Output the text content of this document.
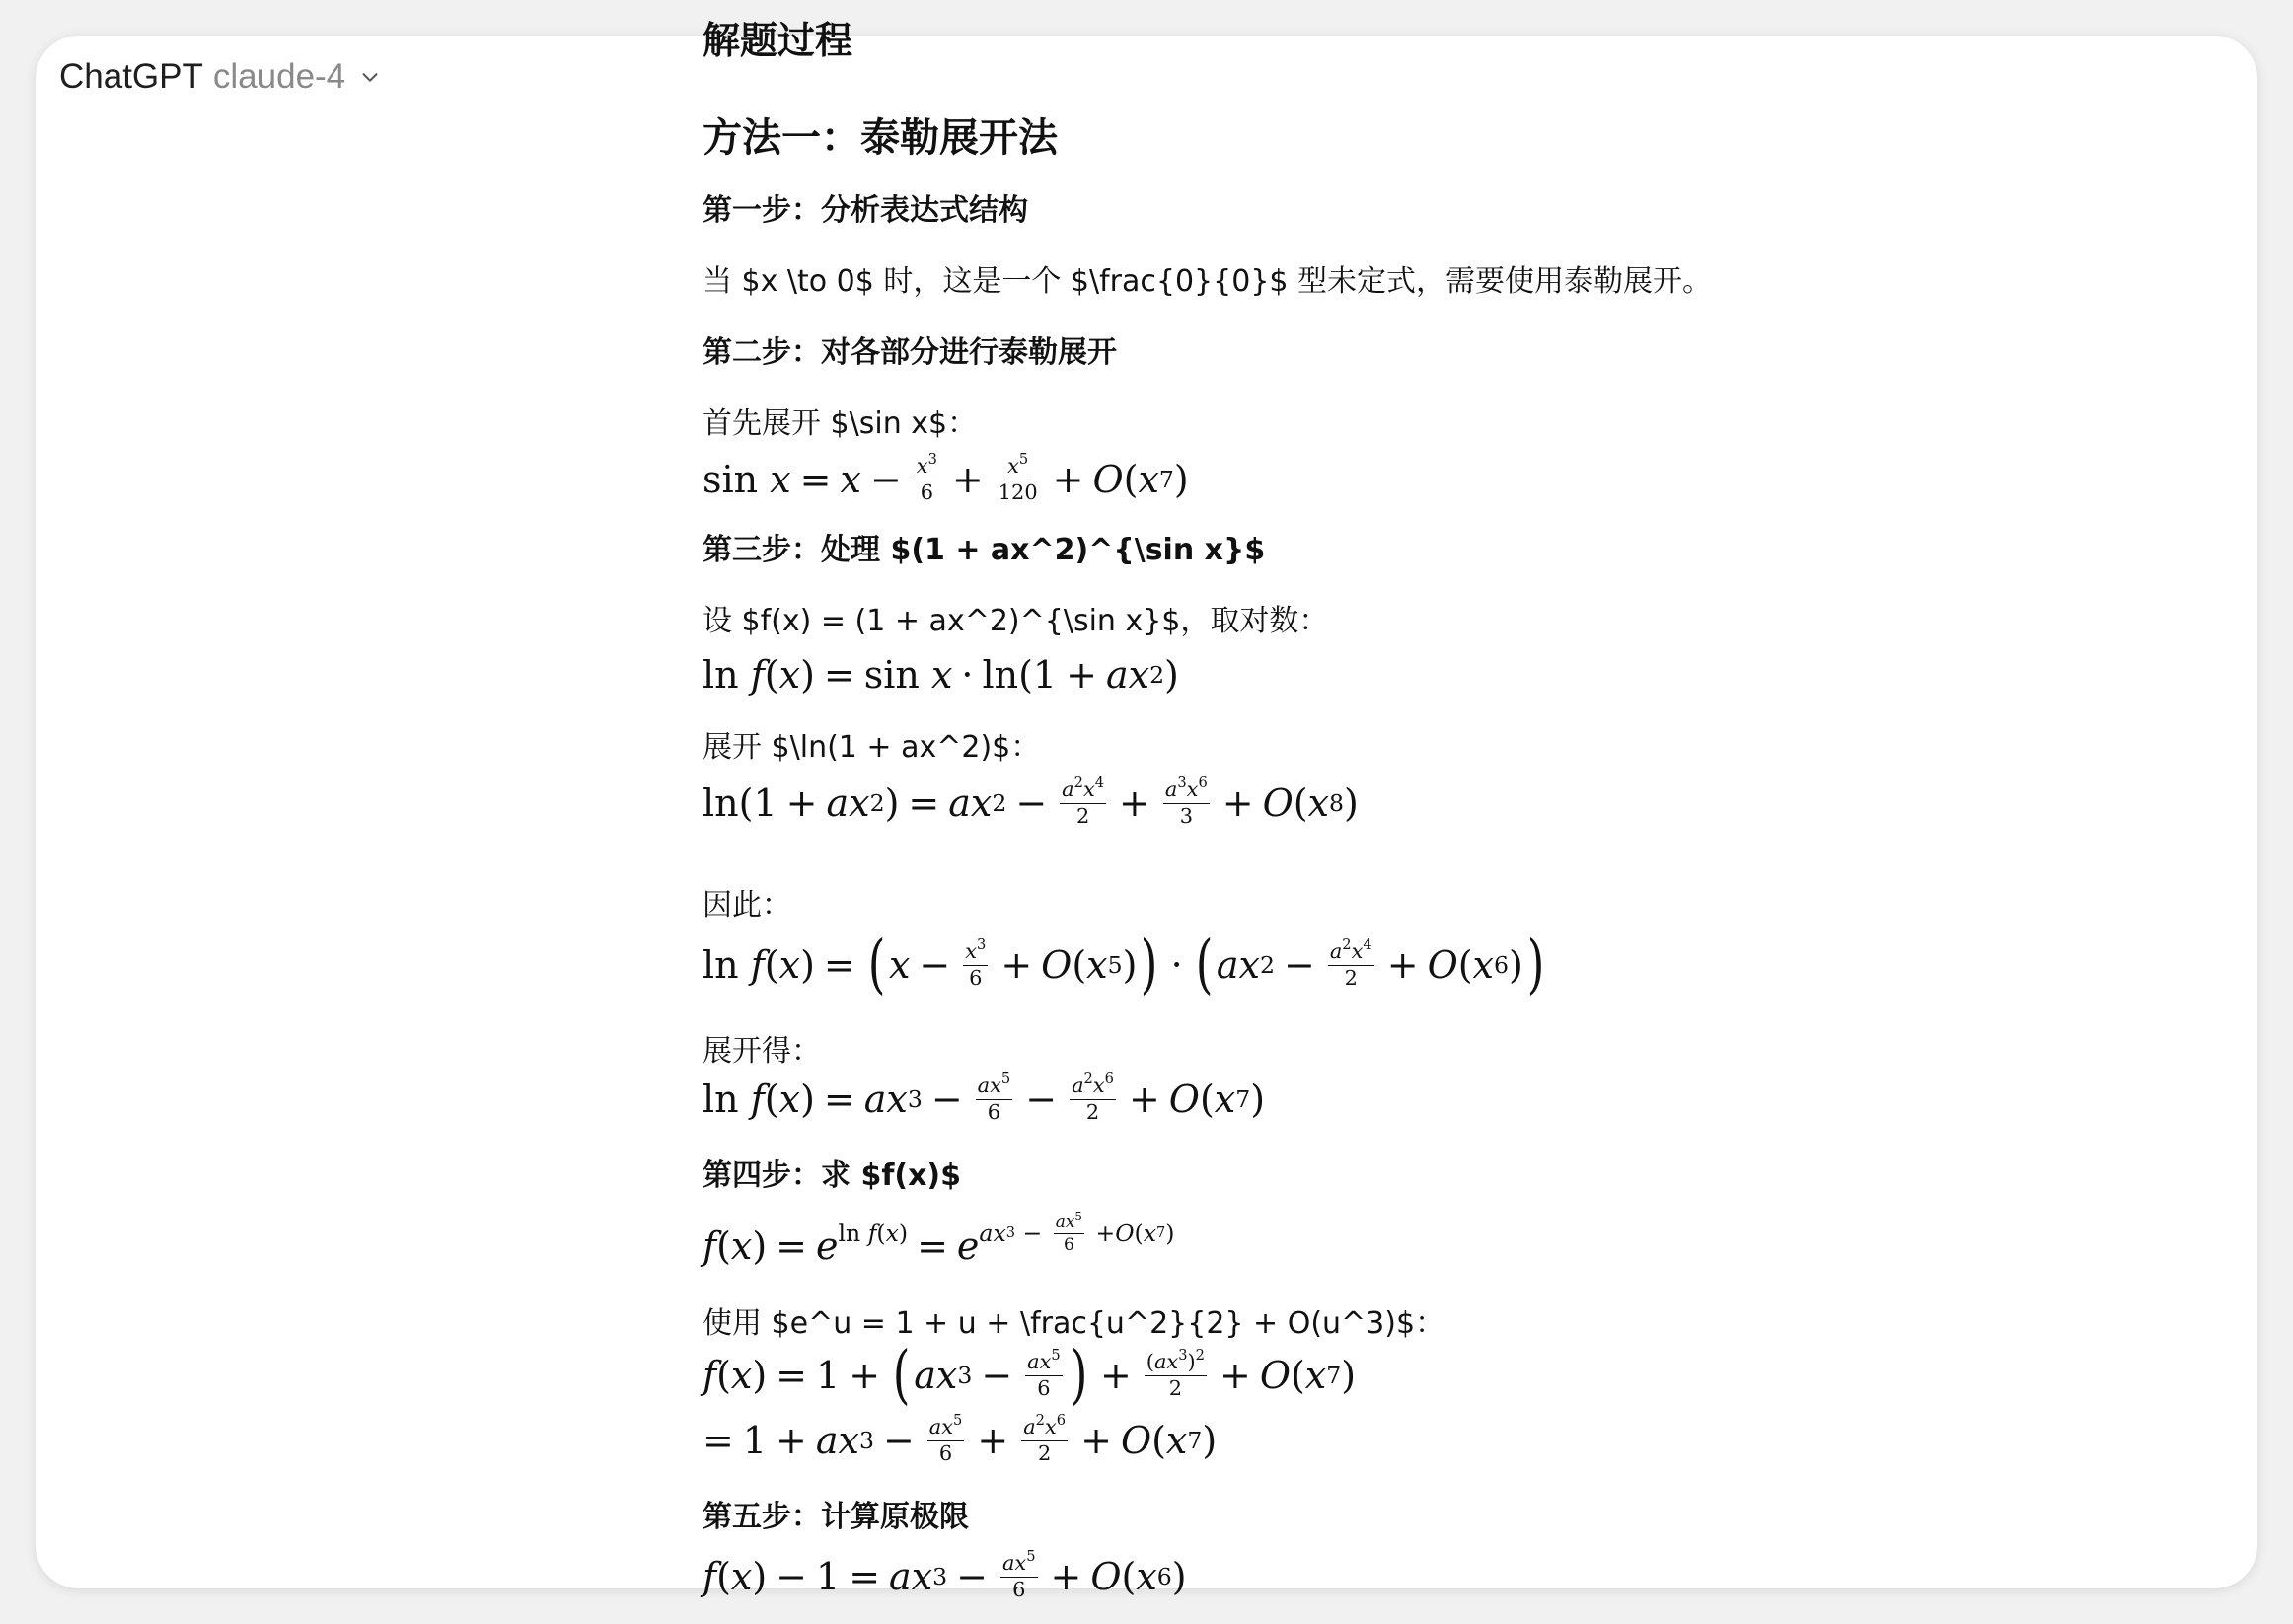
ChatGPT claude-4
解题过程
方法一：泰勒展开法
第一步：分析表达式结构
当 $x \to 0$ 时，这是一个 $\frac{0}{0}$ 型未定式，需要使用泰勒展开。
第二步：对各部分进行泰勒展开
首先展开 $\sin x$：
$\sin x = x - \frac{x^3}{6} + \frac{x^5}{120} + O$ ( x 7 )
第三步：处理 $(1 + ax^2)^{\sin x}$
设 $f(x) = (1 + ax^2)^{\sin x}$，取对数：
ln f ( x ) = sin x · ln(1 + ax 2 )
展开 $\ln(1 + ax^2)$：
ln(1 + ax 2 ) = ax $2 - \frac{a^2x^4}{2} + \frac{a^3x^6}{3} + O$ ( x 8 )
因此：
ln f ( x ) = ( $x - \frac{x^3}{6} + O$ ( x 5 ) ) · ( ax $2 - \frac{a^2x^4}{2} + O$ ( x 6 ) )
展开得：
ln f ( x ) = ax $3 - \frac{ax^5}{6} - \frac{a^2x^6}{2} + O$ ( x 7 )
第四步：求 $f(x)$
f ( x ) = e ln f ( x ) = e ax $3 - \frac{ax^5}{6} + O$ ( x 7 )
使用 $e^u = 1 + u + \frac{u^2}{2} + O(u^3)$：
f ( x ) = 1 + ( ax $3 - \frac{ax^5}{6}$ ) + $\frac{(ax^3)^2}{2} + O$ ( x 7 )
= 1 + ax $3 - \frac{ax^5}{6} + \frac{a^2x^6}{2} + O$ ( x 7 )
第五步：计算原极限
f ( x ) − 1 = ax $3 - \frac{ax^5}{6} + O$ ( x 6 )
